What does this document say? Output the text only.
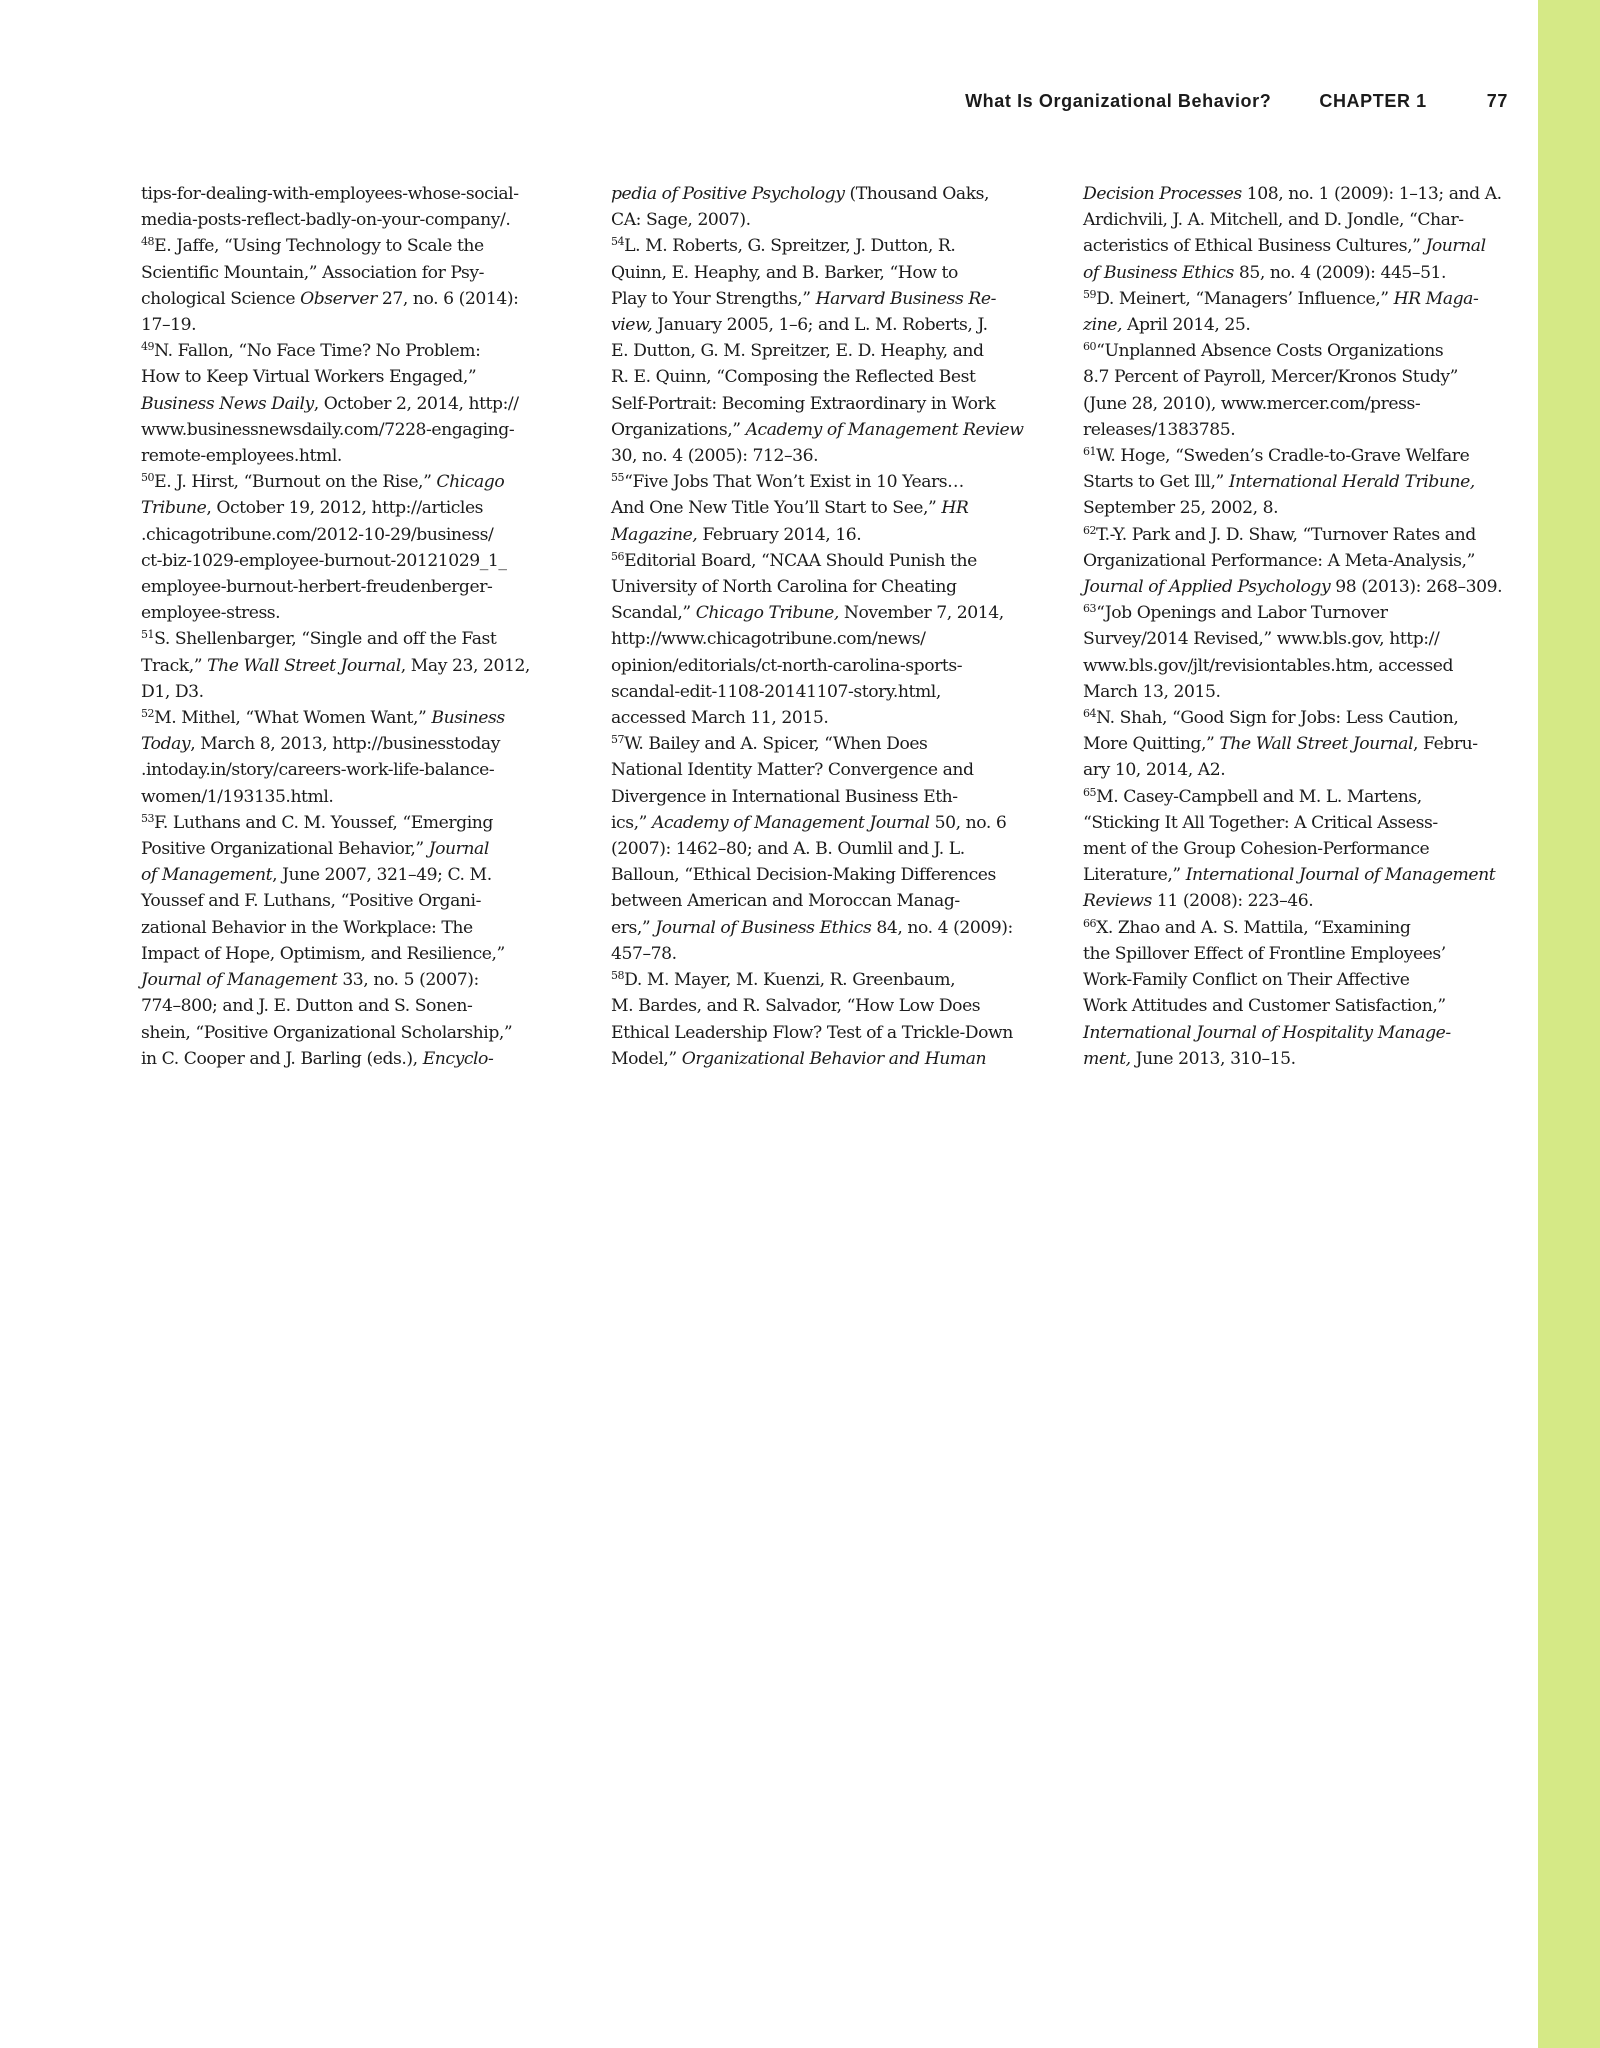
What Is Organizational Behavior?	CHAPTER 1	77
tips-for-dealing-with-employees-whose-social-
media-posts-reflect-badly-on-your-company/.
$^{48}$E. Jaffe, “Using Technology to Scale the
Scientific Mountain,” Association for Psy-
chological Science Observer 27, no. 6 (2014):
17–19.
$^{49}$N. Fallon, “No Face Time? No Problem:
How to Keep Virtual Workers Engaged,”
Business News Daily, October 2, 2014, http://
www.businessnewsdaily.com/7228-engaging-
remote-employees.html.
$^{50}$E. J. Hirst, “Burnout on the Rise,” Chicago
Tribune, October 19, 2012, http://articles
.chicagotribune.com/2012-10-29/business/
ct-biz-1029-employee-burnout-20121029_1_
employee-burnout-herbert-freudenberger-
employee-stress.
$^{51}$S. Shellenbarger, “Single and off the Fast
Track,” The Wall Street Journal, May 23, 2012,
D1, D3.
$^{52}$M. Mithel, “What Women Want,” Business
Today, March 8, 2013, http://businesstoday
.intoday.in/story/careers-work-life-balance-
women/1/193135.html.
$^{53}$F. Luthans and C. M. Youssef, “Emerging
Positive Organizational Behavior,” Journal
of Management, June 2007, 321–49; C. M.
Youssef and F. Luthans, “Positive Organi-
zational Behavior in the Workplace: The
Impact of Hope, Optimism, and Resilience,”
Journal of Management 33, no. 5 (2007):
774–800; and J. E. Dutton and S. Sonen-
shein, “Positive Organizational Scholarship,”
in C. Cooper and J. Barling (eds.), Encyclo-
pedia of Positive Psychology (Thousand Oaks,
CA: Sage, 2007).
$^{54}$L. M. Roberts, G. Spreitzer, J. Dutton, R.
Quinn, E. Heaphy, and B. Barker, “How to
Play to Your Strengths,” Harvard Business Re-
view, January 2005, 1–6; and L. M. Roberts, J.
E. Dutton, G. M. Spreitzer, E. D. Heaphy, and
R. E. Quinn, “Composing the Reflected Best
Self-Portrait: Becoming Extraordinary in Work
Organizations,” Academy of Management Review
30, no. 4 (2005): 712–36.
$^{55}$“Five Jobs That Won’t Exist in 10 Years…
And One New Title You’ll Start to See,” HR
Magazine, February 2014, 16.
$^{56}$Editorial Board, “NCAA Should Punish the
University of North Carolina for Cheating
Scandal,” Chicago Tribune, November 7, 2014,
http://www.chicagotribune.com/news/
opinion/editorials/ct-north-carolina-sports-
scandal-edit-1108-20141107-story.html,
accessed March 11, 2015.
$^{57}$W. Bailey and A. Spicer, “When Does
National Identity Matter? Convergence and
Divergence in International Business Eth-
ics,” Academy of Management Journal 50, no. 6
(2007): 1462–80; and A. B. Oumlil and J. L.
Balloun, “Ethical Decision-Making Differences
between American and Moroccan Manag-
ers,” Journal of Business Ethics 84, no. 4 (2009):
457–78.
$^{58}$D. M. Mayer, M. Kuenzi, R. Greenbaum,
M. Bardes, and R. Salvador, “How Low Does
Ethical Leadership Flow? Test of a Trickle-Down
Model,” Organizational Behavior and Human
Decision Processes 108, no. 1 (2009): 1–13; and A.
Ardichvili, J. A. Mitchell, and D. Jondle, “Char-
acteristics of Ethical Business Cultures,” Journal
of Business Ethics 85, no. 4 (2009): 445–51.
$^{59}$D. Meinert, “Managers’ Influence,” HR Maga-
zine, April 2014, 25.
$^{60}$“Unplanned Absence Costs Organizations
8.7 Percent of Payroll, Mercer/Kronos Study”
(June 28, 2010), www.mercer.com/press-
releases/1383785.
$^{61}$W. Hoge, “Sweden’s Cradle-to-Grave Welfare
Starts to Get Ill,” International Herald Tribune,
September 25, 2002, 8.
$^{62}$T.-Y. Park and J. D. Shaw, “Turnover Rates and
Organizational Performance: A Meta-Analysis,”
Journal of Applied Psychology 98 (2013): 268–309.
$^{63}$“Job Openings and Labor Turnover
Survey/2014 Revised,” www.bls.gov, http://
www.bls.gov/jlt/revisiontables.htm, accessed
March 13, 2015.
$^{64}$N. Shah, “Good Sign for Jobs: Less Caution,
More Quitting,” The Wall Street Journal, Febru-
ary 10, 2014, A2.
$^{65}$M. Casey-Campbell and M. L. Martens,
“Sticking It All Together: A Critical Assess-
ment of the Group Cohesion-Performance
Literature,” International Journal of Management
Reviews 11 (2008): 223–46.
$^{66}$X. Zhao and A. S. Mattila, “Examining
the Spillover Effect of Frontline Employees’
Work-Family Conflict on Their Affective
Work Attitudes and Customer Satisfaction,”
International Journal of Hospitality Manage-
ment, June 2013, 310–15.
